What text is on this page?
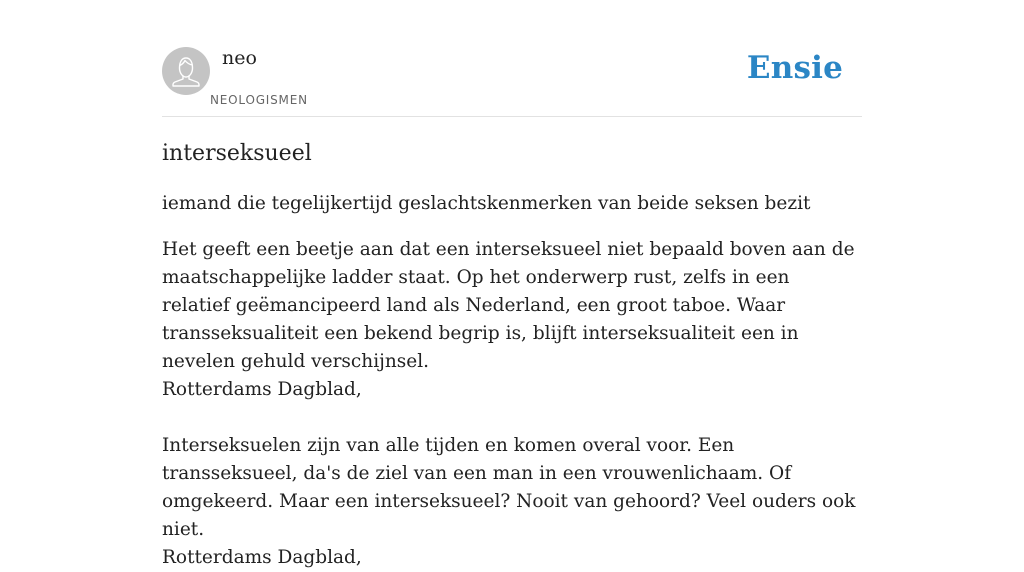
neo
NEOLOGISMEN
Ensie
interseksueel

iemand die tegelijkertijd geslachtskenmerken van beide seksen bezit

Het geeft een beetje aan dat een interseksueel niet bepaald boven aan de maatschappelijke ladder staat. Op het onderwerp rust, zelfs in een relatief geëmancipeerd land als Nederland, een groot taboe. Waar transseksualiteit een bekend begrip is, blijft interseksualiteit een in nevelen gehuld verschijnsel.
Rotterdams Dagblad,

Interseksuelen zijn van alle tijden en komen overal voor. Een transseksueel, da's de ziel van een man in een vrouwenlichaam. Of omgekeerd. Maar een interseksueel? Nooit van gehoord? Veel ouders ook niet.
Rotterdams Dagblad,
